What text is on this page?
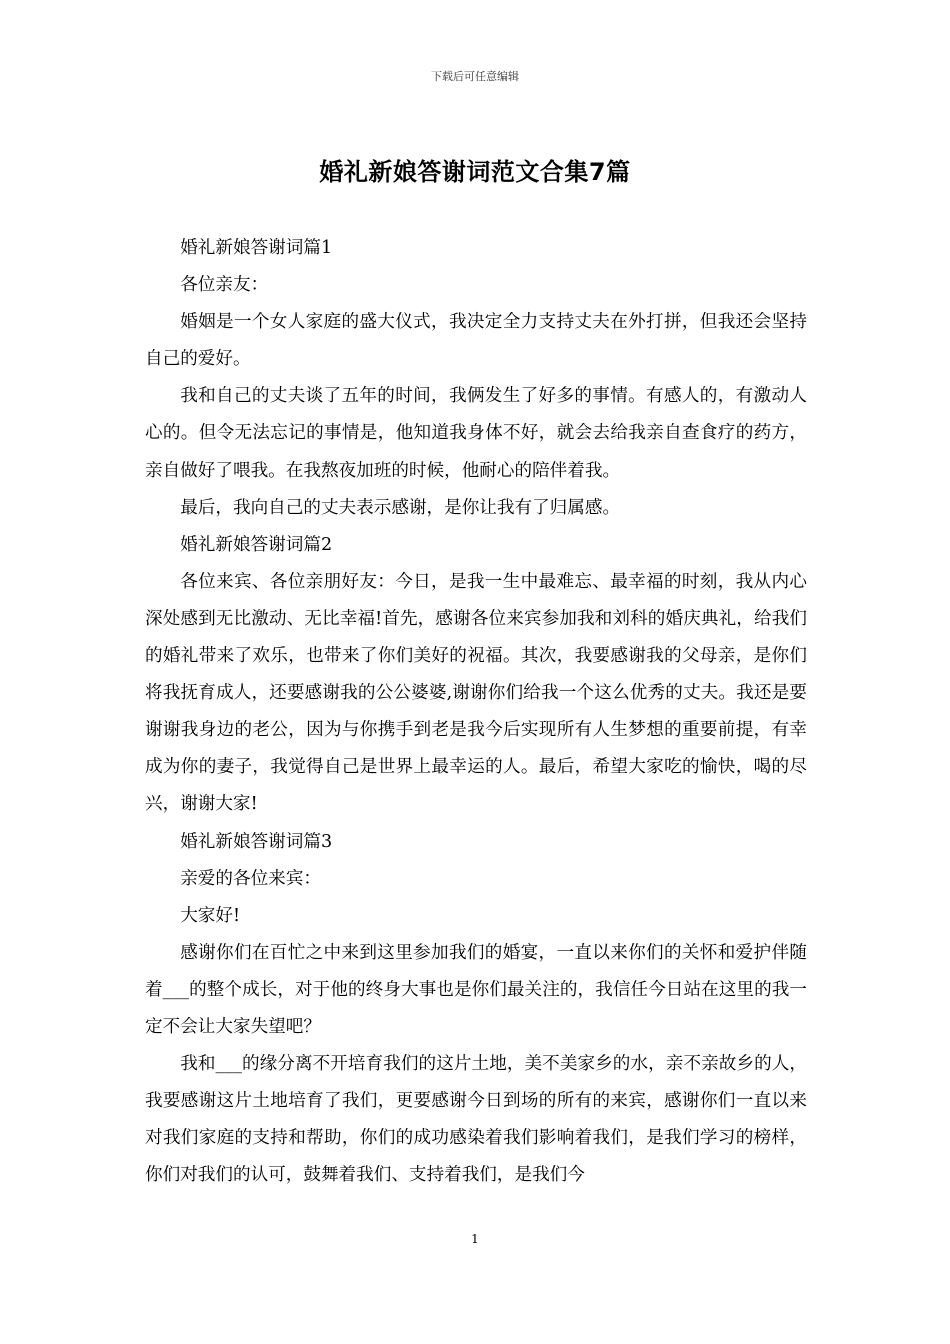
下载后可任意编辑
婚礼新娘答谢词范文合集7篇

婚礼新娘答谢词篇1

各位亲友：

婚姻是一个女人家庭的盛大仪式，我决定全力支持丈夫在外打拼，但我还会坚持自己的爱好。

我和自己的丈夫谈了五年的时间，我俩发生了好多的事情。有感人的，有激动人心的。但令无法忘记的事情是，他知道我身体不好，就会去给我亲自查食疗的药方，亲自做好了喂我。在我熬夜加班的时候，他耐心的陪伴着我。

最后，我向自己的丈夫表示感谢，是你让我有了归属感。

婚礼新娘答谢词篇2

各位来宾、各位亲朋好友：今日，是我一生中最难忘、最幸福的时刻，我从内心深处感到无比激动、无比幸福!首先，感谢各位来宾参加我和刘科的婚庆典礼，给我们的婚礼带来了欢乐，也带来了你们美好的祝福。其次，我要感谢我的父母亲，是你们将我抚育成人，还要感谢我的公公婆婆,谢谢你们给我一个这么优秀的丈夫。我还是要谢谢我身边的老公，因为与你携手到老是我今后实现所有人生梦想的重要前提，有幸成为你的妻子，我觉得自己是世界上最幸运的人。最后，希望大家吃的愉快，喝的尽兴，谢谢大家!

婚礼新娘答谢词篇3

亲爱的各位来宾：

大家好!

感谢你们在百忙之中来到这里参加我们的婚宴，一直以来你们的关怀和爱护伴随着___的整个成长，对于他的终身大事也是你们最关注的，我信任今日站在这里的我一定不会让大家失望吧？

我和___的缘分离不开培育我们的这片土地，美不美家乡的水，亲不亲故乡的人，我要感谢这片土地培育了我们，更要感谢今日到场的所有的来宾，感谢你们一直以来对我们家庭的支持和帮助，你们的成功感染着我们影响着我们，是我们学习的榜样，你们对我们的认可，鼓舞着我们、支持着我们，是我们今

1
